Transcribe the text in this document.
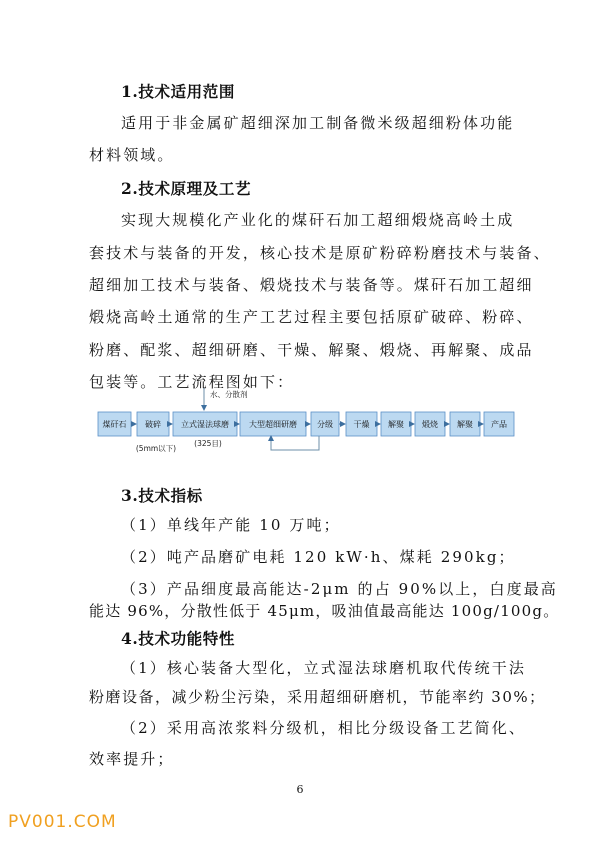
1.技术适用范围
适用于非金属矿超细深加工制备微米级超细粉体功能
材料领域。
2.技术原理及工艺
实现大规模化产业化的煤矸石加工超细煅烧高岭土成
套技术与装备的开发，核心技术是原矿粉碎粉磨技术与装备、
超细加工技术与装备、煅烧技术与装备等。煤矸石加工超细
煅烧高岭土通常的生产工艺过程主要包括原矿破碎、粉碎、
粉磨、配浆、超细研磨、干燥、解聚、煅烧、再解聚、成品
包装等。工艺流程图如下：
水、分散剂
煤矸石 破碎	立式湿法球磨	大型超细研磨	分级	干燥 解聚 煅烧 解聚 产品
(5mm以下)
(325目)
3.技术指标
（1）单线年产能 10 万吨；
（2）吨产品磨矿电耗 120 kW·h、煤耗 290kg；
（3）产品细度最高能达-2μm 的占 90%以上，白度最高
能达 96%，分散性低于 45μm，吸油值最高能达 100g/100g。
4.技术功能特性
（1）核心装备大型化，立式湿法球磨机取代传统干法
粉磨设备，减少粉尘污染，采用超细研磨机，节能率约 30%；
（2）采用高浓浆料分级机，相比分级设备工艺简化、
效率提升；
6
PV001.COM
